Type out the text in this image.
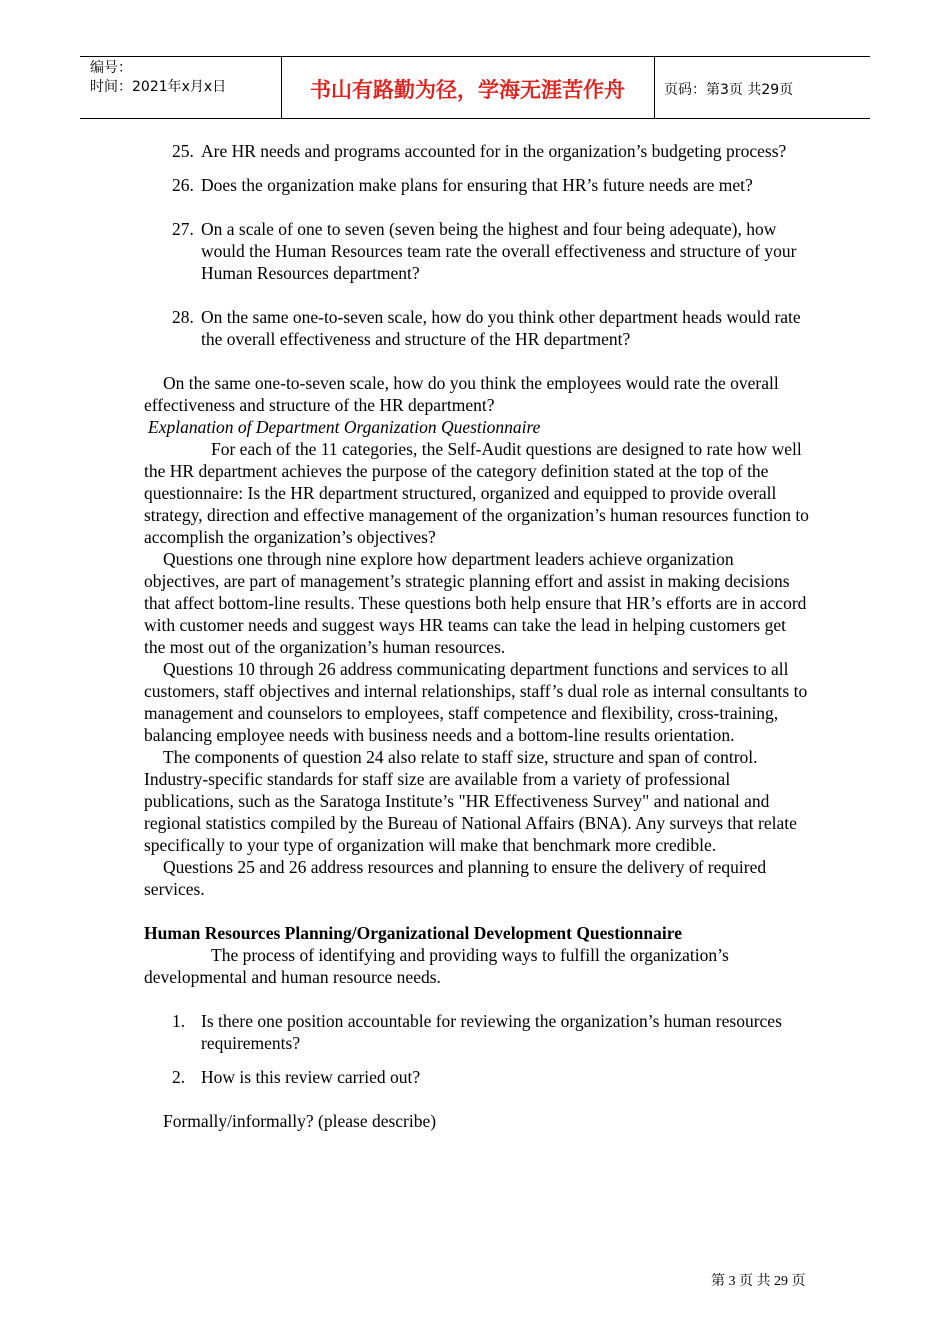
编号：
时间：2021年x月x日	书山有路勤为径，学海无涯苦作舟	页码：第3页 共29页
25. Are HR needs and programs accounted for in the organization’s budgeting process?
26. Does the organization make plans for ensuring that HR’s future needs are met?
27. On a scale of one to seven (seven being the highest and four being adequate), how would the Human Resources team rate the overall effectiveness and structure of your Human Resources department?
28. On the same one-to-seven scale, how do you think other department heads would rate the overall effectiveness and structure of the HR department?

On the same one-to-seven scale, how do you think the employees would rate the overall effectiveness and structure of the HR department?

Explanation of Department Organization Questionnaire

For each of the 11 categories, the Self-Audit questions are designed to rate how well the HR department achieves the purpose of the category definition stated at the top of the questionnaire: Is the HR department structured, organized and equipped to provide overall strategy, direction and effective management of the organization’s human resources function to accomplish the organization’s objectives?

Questions one through nine explore how department leaders achieve organization objectives, are part of management’s strategic planning effort and assist in making decisions that affect bottom-line results. These questions both help ensure that HR’s efforts are in accord with customer needs and suggest ways HR teams can take the lead in helping customers get the most out of the organization’s human resources.

Questions 10 through 26 address communicating department functions and services to all customers, staff objectives and internal relationships, staff’s dual role as internal consultants to management and counselors to employees, staff competence and flexibility, cross-training, balancing employee needs with business needs and a bottom-line results orientation.

The components of question 24 also relate to staff size, structure and span of control. Industry-specific standards for staff size are available from a variety of professional publications, such as the Saratoga Institute’s "HR Effectiveness Survey" and national and regional statistics compiled by the Bureau of National Affairs (BNA). Any surveys that relate specifically to your type of organization will make that benchmark more credible.

Questions 25 and 26 address resources and planning to ensure the delivery of required services.

Human Resources Planning/Organizational Development Questionnaire

The process of identifying and providing ways to fulfill the organization’s developmental and human resource needs.

1. Is there one position accountable for reviewing the organization’s human resources requirements?
2. How is this review carried out?

Formally/informally? (please describe)

第 3 页 共 29 页
